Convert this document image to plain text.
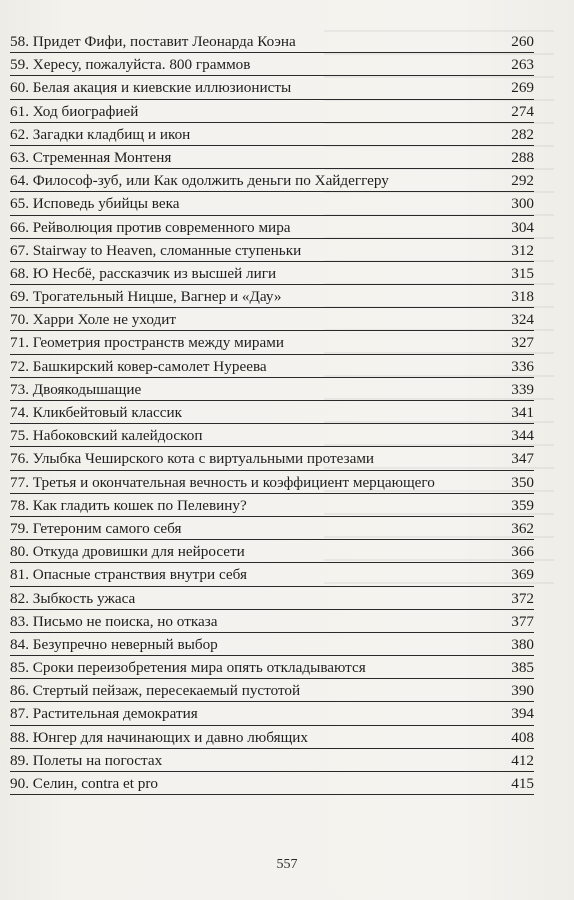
58. Придет Фифи, поставит Леонарда Коэна	260
59. Хересу, пожалуйста. 800 граммов	263
60. Белая акация и киевские иллюзионисты	269
61. Ход биографией	274
62. Загадки кладбищ и икон	282
63. Стременная Монтеня	288
64. Философ-зуб, или Как одолжить деньги по Хайдеггеру	292
65. Исповедь убийцы века	300
66. Рейволюция против современного мира	304
67. Stairway to Heaven, сломанные ступеньки	312
68. Ю Несбё, рассказчик из высшей лиги	315
69. Трогательный Ницше, Вагнер и «Дау»	318
70. Харри Холе не уходит	324
71. Геометрия пространств между мирами	327
72. Башкирский ковер-самолет Нуреева	336
73. Двоякодышащие	339
74. Кликбейтовый классик	341
75. Набоковский калейдоскоп	344
76. Улыбка Чеширского кота с виртуальными протезами	347
77. Третья и окончательная вечность и коэффициент мерцающего	350
78. Как гладить кошек по Пелевину?	359
79. Гетероним самого себя	362
80. Откуда дровишки для нейросети	366
81. Опасные странствия внутри себя	369
82. Зыбкость ужаса	372
83. Письмо не поиска, но отказа	377
84. Безупречно неверный выбор	380
85. Сроки переизобретения мира опять откладываются	385
86. Стертый пейзаж, пересекаемый пустотой	390
87. Растительная демократия	394
88. Юнгер для начинающих и давно любящих	408
89. Полеты на погостах	412
90. Селин, contra et pro	415
557
